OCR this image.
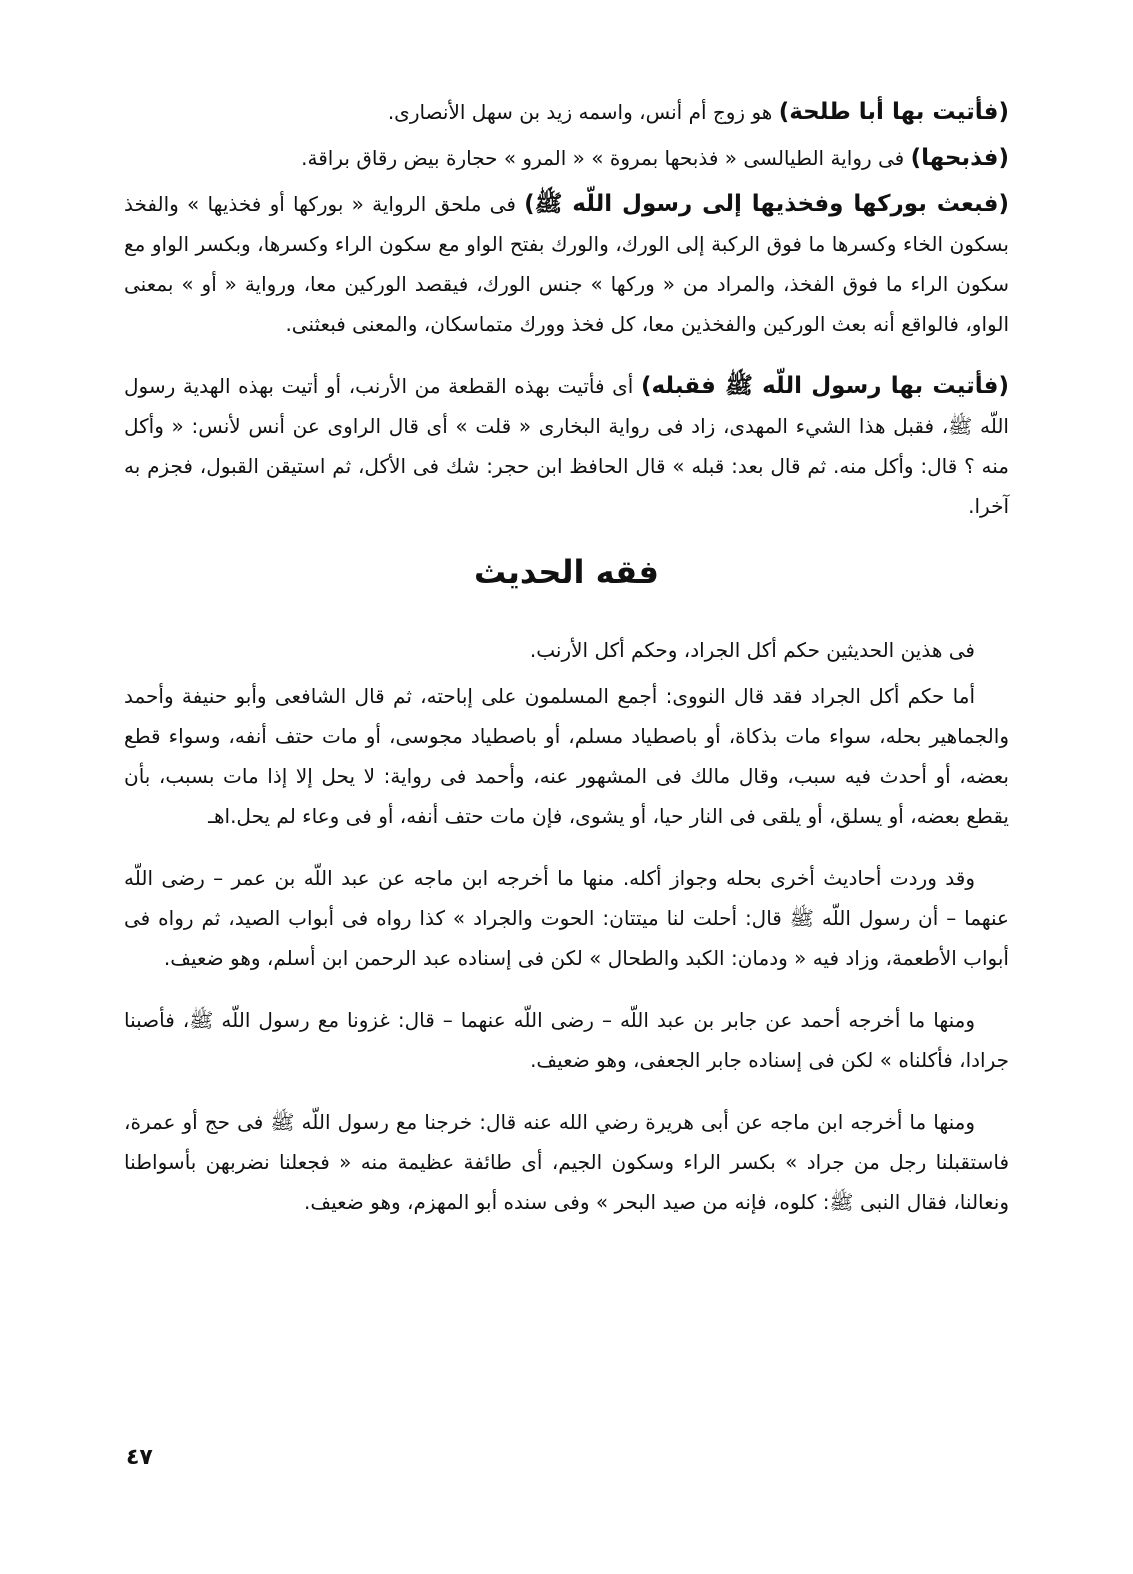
(فأتيت بها أبا طلحة) هو زوج أم أنس، واسمه زيد بن سهل الأنصارى.

(فذبحها) فى رواية الطيالسى « فذبحها بمروة » « المرو » حجارة بيض رقاق براقة.

(فبعث بوركها وفخذيها إلى رسول اللّه ﷺ) فى ملحق الرواية « بوركها أو فخذيها » والفخذ بسكون الخاء وكسرها ما فوق الركبة إلى الورك، والورك بفتح الواو مع سكون الراء وكسرها، وبكسر الواو مع سكون الراء ما فوق الفخذ، والمراد من « وركها » جنس الورك، فيقصد الوركين معا، ورواية « أو » بمعنى الواو، فالواقع أنه بعث الوركين والفخذين معا، كل فخذ وورك متماسكان، والمعنى فبعثنى.

(فأتيت بها رسول اللّه ﷺ فقبله) أى فأتيت بهذه القطعة من الأرنب، أو أتيت بهذه الهدية رسول اللّه ﷺ، فقبل هذا الشيء المهدى، زاد فى رواية البخارى « قلت » أى قال الراوى عن أنس لأنس: « وأكل منه ؟ قال: وأكل منه. ثم قال بعد: قبله » قال الحافظ ابن حجر: شك فى الأكل، ثم استيقن القبول، فجزم به آخرا.

فقه الحديث

فى هذين الحديثين حكم أكل الجراد، وحكم أكل الأرنب.

أما حكم أكل الجراد فقد قال النووى: أجمع المسلمون على إباحته، ثم قال الشافعى وأبو حنيفة وأحمد والجماهير بحله، سواء مات بذكاة، أو باصطياد مسلم، أو باصطياد مجوسى، أو مات حتف أنفه، وسواء قطع بعضه، أو أحدث فيه سبب، وقال مالك فى المشهور عنه، وأحمد فى رواية: لا يحل إلا إذا مات بسبب، بأن يقطع بعضه، أو يسلق، أو يلقى فى النار حيا، أو يشوى، فإن مات حتف أنفه، أو فى وعاء لم يحل.اهـ

وقد وردت أحاديث أخرى بحله وجواز أكله. منها ما أخرجه ابن ماجه عن عبد اللّه بن عمر – رضى اللّه عنهما – أن رسول اللّه ﷺ قال: أحلت لنا ميتتان: الحوت والجراد » كذا رواه فى أبواب الصيد، ثم رواه فى أبواب الأطعمة، وزاد فيه « ودمان: الكبد والطحال » لكن فى إسناده عبد الرحمن ابن أسلم، وهو ضعيف.

ومنها ما أخرجه أحمد عن جابر بن عبد اللّه – رضى اللّه عنهما – قال: غزونا مع رسول اللّه ﷺ، فأصبنا جرادا، فأكلناه » لكن فى إسناده جابر الجعفى، وهو ضعيف.

ومنها ما أخرجه ابن ماجه عن أبى هريرة رضي الله عنه قال: خرجنا مع رسول اللّه ﷺ فى حج أو عمرة، فاستقبلنا رجل من جراد » بكسر الراء وسكون الجيم، أى طائفة عظيمة منه « فجعلنا نضربهن بأسواطنا ونعالنا، فقال النبى ﷺ: كلوه، فإنه من صيد البحر » وفى سنده أبو المهزم، وهو ضعيف.

٤٧
